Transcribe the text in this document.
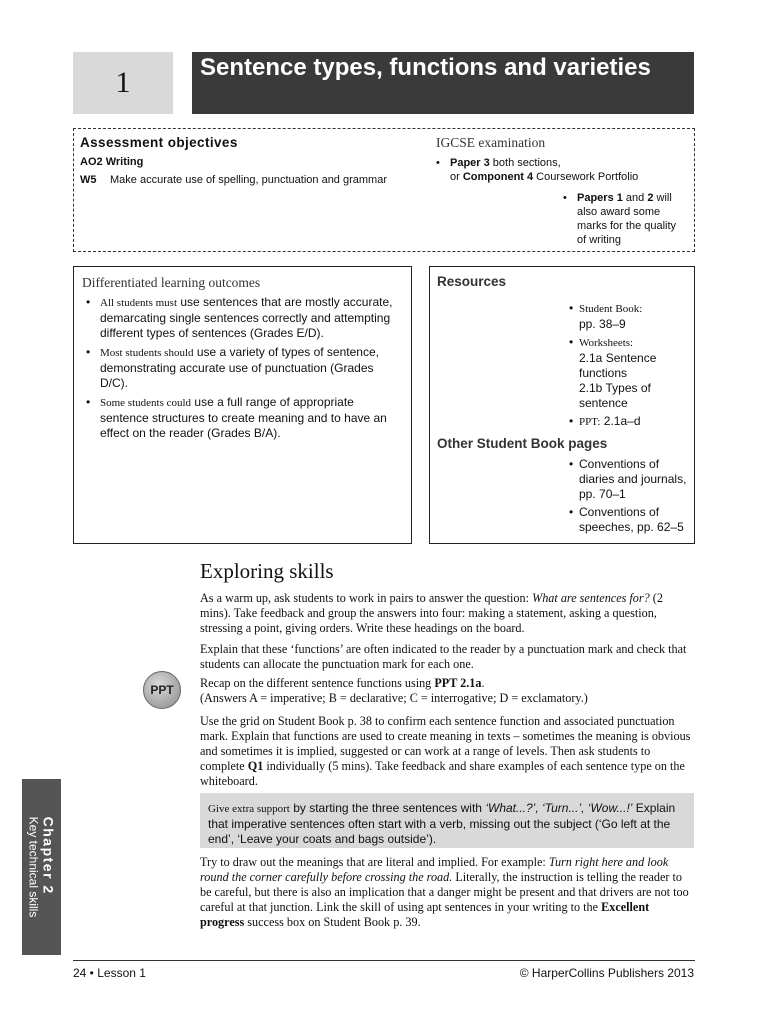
1	Sentence types, functions and varieties
Assessment objectives
AO2 Writing
W5 Make accurate use of spelling, punctuation and grammar
IGCSE examination
• Paper 3 both sections,
or Component 4 Coursework Portfolio
• Papers 1 and 2 will also award some marks for the quality of writing
Differentiated learning outcomes
• All students must use sentences that are mostly accurate, demarcating single sentences correctly and attempting different types of sentences (Grades E/D).
• Most students should use a variety of types of sentence, demonstrating accurate use of punctuation (Grades D/C).
• Some students could use a full range of appropriate sentence structures to create meaning and to have an effect on the reader (Grades B/A).
Resources
• Student Book:
pp. 38–9
• Worksheets:
2.1a Sentence functions
2.1b Types of sentence
• PPT: 2.1a–d
Other Student Book pages
• Conventions of diaries and journals, pp. 70–1
• Conventions of speeches, pp. 62–5
Exploring skills

As a warm up, ask students to work in pairs to answer the question: What are sentences for? (2 mins). Take feedback and group the answers into four: making a statement, asking a question, stressing a point, giving orders. Write these headings on the board.

Explain that these ‘functions’ are often indicated to the reader by a punctuation mark and check that students can allocate the punctuation mark for each one.

PPT	Recap on the different sentence functions using PPT 2.1a.

(Answers A = imperative; B = declarative; C = interrogative; D = exclamatory.)

Use the grid on Student Book p. 38 to confirm each sentence function and associated punctuation mark. Explain that functions are used to create meaning in texts – sometimes the meaning is obvious and sometimes it is implied, suggested or can work at a range of levels. Then ask students to complete Q1 individually (5 mins). Take feedback and share examples of each sentence type on the whiteboard.

Give extra support by starting the three sentences with ‘What...?’, ‘Turn...’, ‘Wow...!’ Explain that imperative sentences often start with a verb, missing out the subject (‘Go left at the end’, ‘Leave your coats and bags outside’).

Try to draw out the meanings that are literal and implied. For example: Turn right here and look round the corner carefully before crossing the road. Literally, the instruction is telling the reader to be careful, but there is also an implication that a danger might be present and that drivers are not too careful at that junction. Link the skill of using apt sentences in your writing to the Excellent progress success box on Student Book p. 39.

Chapter 2
Key technical skills
24 • Lesson 1	© HarperCollins Publishers 2013
